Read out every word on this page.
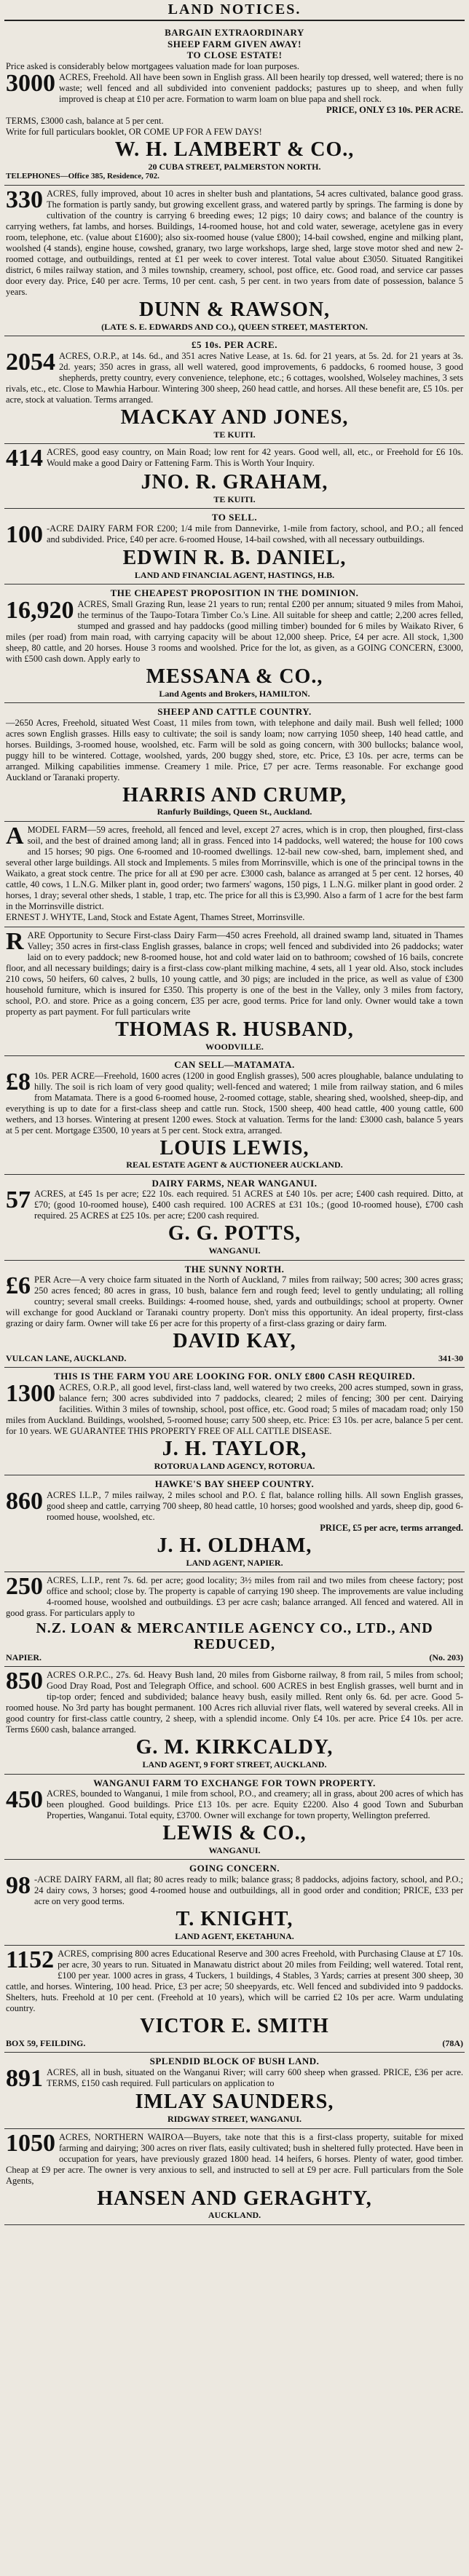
LAND NOTICES.
BARGAIN EXTRAORDINARY
SHEEP FARM GIVEN AWAY!
TO CLOSE ESTATE!
Price asked is considerably below mortgagees valuation made for loan purposes.
3000 ACRES, Freehold. All have been sown in English grass. All been hearily top dressed, well watered; there is no waste; well fenced and all subdivided into convenient paddocks; pastures up to sheep, and when fully improved is cheap at £10 per acre. Formation to warm loam on blue papa and shell rock.
PRICE, ONLY £3 10s. PER ACRE.
TERMS, £3000 cash, balance at 5 per cent.
Write for full particulars booklet, OR COME UP FOR A FEW DAYS!
W. H. LAMBERT & CO.,
20 CUBA STREET, PALMERSTON NORTH.
TELEPHONES—Office 385, Residence, 702.
330 ACRES, fully improved, about 10 acres in shelter bush and plantations, 54 acres cultivated, balance good grass. The formation is partly sandy, but growing excellent grass, and watered partly by springs. The farming is done by cultivation of the country is carrying 6 breeding ewes; 12 pigs; 10 dairy cows; and balance of the country is carrying wethers, fat lambs, and horses. Buildings, 14-roomed house, hot and cold water, sewerage, acetylene gas in every room, telephone, etc. (value about £1600); also six-roomed house (value £800); 14-bail cowshed, engine and milking plant, woolshed (4 stands), engine house, cowshed, granary, two large workshops, large shed, large stove motor shed and new 2-roomed cottage, and outbuildings, rented at £1 per week to cover interest. Total value about £3050. Situated Rangitikei district, 6 miles railway station, and 3 miles township, creamery, school, post office, etc. Good road, and service car passes door every day. Price, £40 per acre. Terms, 10 per cent. cash, 5 per cent. in two years from date of possession, balance 5 years.
DUNN & RAWSON,
(LATE S. E. EDWARDS AND CO.), QUEEN STREET, MASTERTON.
£5 10s. PER ACRE.
2054 ACRES, O.R.P., at 14s. 6d., and 351 acres Native Lease, at 1s. 6d. for 21 years, at 5s. 2d. for 21 years at 3s. 2d. years; 350 acres in grass, all well watered, good improvements, 6 paddocks, 6 roomed house, 3 good shepherds, pretty country, every convenience, telephone, etc.; 6 cottages, woolshed, Wolseley machines, 3 sets rivals, etc., etc. Close to Mawhia Harbour. Wintering 300 sheep, 260 head cattle, and horses. All these benefit are, £5 10s. per acre, stock at valuation. Terms arranged.
MACKAY AND JONES,
TE KUITI.
414 ACRES, good easy country, on Main Road; low rent for 42 years. Good well, all, etc., or Freehold for £6 10s. Would make a good Dairy or Fattening Farm. This is Worth Your Inquiry.
JNO. R. GRAHAM,
TE KUITI.
TO SELL.
100 -ACRE DAIRY FARM FOR £200; 1/4 mile from Dannevirke, 1-mile from factory, school, and P.O.; all fenced and subdivided. Price, £40 per acre. 6-roomed House, 14-bail cowshed, with all necessary outbuildings.
EDWIN R. B. DANIEL,
LAND AND FINANCIAL AGENT, HASTINGS, H.B.
THE CHEAPEST PROPOSITION IN THE DOMINION.
16,920 ACRES, Small Grazing Run, lease 21 years to run; rental £200 per annum; situated 9 miles from Mahoi, the terminus of the Taupo-Totara Timber Co.'s Line. All suitable for sheep and cattle; 2,200 acres felled, stumped and grassed and hay paddocks (good milling timber) bounded for 6 miles by Waikato River, 6 miles (per road) from main road, with carrying capacity will be about 12,000 sheep. Price, £4 per acre. All stock, 1,300 sheep, 80 cattle, and 20 horses. House 3 rooms and woolshed. Price for the lot, as given, as a GOING CONCERN, £3000, with £500 cash down. Apply early to
MESSANA & CO.,
Land Agents and Brokers, HAMILTON.
SHEEP AND CATTLE COUNTRY.
—2650 Acres, Freehold, situated West Coast, 11 miles from town, with telephone and daily mail. Bush well felled; 1000 acres sown English grasses. Hills easy to cultivate; the soil is sandy loam; now carrying 1050 sheep, 140 head cattle, and horses. Buildings, 3-roomed house, woolshed, etc. Farm will be sold as going concern, with 300 bullocks; balance wool, puggy hill to be wintered. Cottage, woolshed, yards, 200 buggy shed, store, etc. Price, £3 10s. per acre, terms can be arranged. Milking capabilities immense. Creamery 1 mile. Price, £7 per acre. Terms reasonable. For exchange good Auckland or Taranaki property.
HARRIS AND CRUMP,
Ranfurly Buildings, Queen St., Auckland.
AMODEL FARM—59 acres, freehold, all fenced and level, except 27 acres, which is in crop, then ploughed, first-class soil, and the best of drained among land; all in grass. Fenced into 14 paddocks, well watered; the house for 100 cows and 15 horses; 90 pigs. One 6-roomed and 10-roomed dwellings. 12-bail new cow-shed, barn, implement shed, and several other large buildings. All stock and Implements. 5 miles from Morrinsville, which is one of the principal towns in the Waikato, a great stock centre. The price for all at £90 per acre. £3000 cash, balance as arranged at 5 per cent. 12 horses, 40 cattle, 40 cows, 1 L.N.G. Milker plant in, good order; two farmers' wagons, 150 pigs, 1 L.N.G. milker plant in good order. 2 horses, 1 dray; several other sheds, 1 stable, 1 trap, etc. The price for all this is £3,990. Also a farm of 1 acre for the best farm in the Morrinsville district.
ERNEST J. WHYTE, Land, Stock and Estate Agent, Thames Street, Morrinsville.
RARE Opportunity to Secure First-class Dairy Farm—450 acres Freehold, all drained swamp land, situated in Thames Valley; 350 acres in first-class English grasses, balance in crops; well fenced and subdivided into 26 paddocks; water laid on to every paddock; new 8-roomed house, hot and cold water laid on to bathroom; cowshed of 16 bails, concrete floor, and all necessary buildings; dairy is a first-class cow-plant milking machine, 4 sets, all 1 year old. Also, stock includes 210 cows, 50 heifers, 60 calves, 2 bulls, 10 young cattle, and 30 pigs; are included in the price, as well as value of £300 household furniture, which is insured for £350. This property is one of the best in the Valley, only 3 miles from factory, school, P.O. and store. Price as a going concern, £35 per acre, good terms. Price for land only. Owner would take a town property as part payment. For full particulars write
THOMAS R. HUSBAND,
WOODVILLE.
CAN SELL—MATAMATA.
£8 10s. PER ACRE—Freehold, 1600 acres (1200 in good English grasses), 500 acres ploughable, balance undulating to hilly. The soil is rich loam of very good quality; well-fenced and watered; 1 mile from railway station, and 6 miles from Matamata. There is a good 6-roomed house, 2-roomed cottage, stable, shearing shed, woolshed, sheep-dip, and everything is up to date for a first-class sheep and cattle run. Stock, 1500 sheep, 400 head cattle, 400 young cattle, 600 wethers, and 13 horses. Wintering at present 1200 ewes. Stock at valuation. Terms for the land: £3000 cash, balance 5 years at 5 per cent. Mortgage £3500, 10 years at 5 per cent. Stock extra, arranged.
LOUIS LEWIS,
REAL ESTATE AGENT & AUCTIONEER AUCKLAND.
DAIRY FARMS, NEAR WANGANUI.
57 ACRES, at £45 1s per acre; £22 10s. each required. 51 ACRES at £40 10s. per acre; £400 cash required. Ditto, at £70; (good 10-roomed house), £400 cash required. 100 ACRES at £31 10s.; (good 10-roomed house), £700 cash required. 25 ACRES at £25 10s. per acre; £200 cash required.
G. G. POTTS,
WANGANUI.
THE SUNNY NORTH.
£6 PER Acre—A very choice farm situated in the North of Auckland, 7 miles from railway; 500 acres; 300 acres grass; 250 acres fenced; 80 acres in grass, 10 bush, balance fern and rough feed; level to gently undulating; all rolling country; several small creeks. Buildings: 4-roomed house, shed, yards and outbuildings; school at property. Owner will exchange for good Auckland or Taranaki country property. Don't miss this opportunity. An ideal property, first-class grazing or dairy farm. Owner will take £6 per acre for this property of a first-class grazing or dairy farm.
DAVID KAY,
VULCAN LANE, AUCKLAND.	341-30
THIS IS THE FARM YOU ARE LOOKING FOR. ONLY £800 CASH REQUIRED.
1300 ACRES, O.R.P., all good level, first-class land, well watered by two creeks, 200 acres stumped, sown in grass, balance fern; 300 acres subdivided into 7 paddocks, cleared; 2 miles of fencing; 300 per cent. Dairying facilities. Within 3 miles of township, school, post office, etc. Good road; 5 miles of macadam road; only 150 miles from Auckland. Buildings, woolshed, 5-roomed house; carry 500 sheep, etc. Price: £3 10s. per acre, balance 5 per cent. for 10 years. WE GUARANTEE THIS PROPERTY FREE OF ALL CATTLE DISEASE.
J. H. TAYLOR,
ROTORUA LAND AGENCY, ROTORUA.
HAWKE'S BAY SHEEP COUNTRY.
860 ACRES I.L.P., 7 miles railway, 2 miles school and P.O. £ flat, balance rolling hills. All sown English grasses, good sheep and cattle, carrying 700 sheep, 80 head cattle, 10 horses; good woolshed and yards, sheep dip, good 6-roomed house, woolshed, etc.
PRICE, £5 per acre, terms arranged.
J. H. OLDHAM,
LAND AGENT, NAPIER.
250 ACRES, L.I.P., rent 7s. 6d. per acre; good locality; 3½ miles from rail and two miles from cheese factory; post office and school; close by. The property is capable of carrying 190 sheep. The improvements are value including 4-roomed house, woolshed and outbuildings. £3 per acre cash; balance arranged. All fenced and watered. All in good grass. For particulars apply to
N.Z. LOAN & MERCANTILE AGENCY CO., LTD., AND REDUCED,
NAPIER.	(No. 203)
850 ACRES O.R.P.C., 27s. 6d. Heavy Bush land, 20 miles from Gisborne railway, 8 from rail, 5 miles from school; Good Dray Road, Post and Telegraph Office, and school. 600 ACRES in best English grasses, well burnt and in tip-top order; fenced and subdivided; balance heavy bush, easily milled. Rent only 6s. 6d. per acre. Good 5-roomed house. No 3rd party has bought permanent. 100 Acres rich alluvial river flats, well watered by several creeks. All in good country for first-class cattle country, 2 sheep, with a splendid income. Only £4 10s. per acre. Price £4 10s. per acre. Terms £600 cash, balance arranged.
G. M. KIRKCALDY,
LAND AGENT, 9 FORT STREET, AUCKLAND.
WANGANUI FARM TO EXCHANGE FOR TOWN PROPERTY.
450 ACRES, bounded to Wanganui, 1 mile from school, P.O., and creamery; all in grass, about 200 acres of which has been ploughed. Good buildings. Price £13 10s. per acre. Equity £2200. Also 4 good Town and Suburban Properties, Wanganui. Total equity, £3700. Owner will exchange for town property, Wellington preferred.
LEWIS & CO.,
WANGANUI.
GOING CONCERN.
98 -ACRE DAIRY FARM, all flat; 80 acres ready to milk; balance grass; 8 paddocks, adjoins factory, school, and P.O.; 24 dairy cows, 3 horses; good 4-roomed house and outbuildings, all in good order and condition; PRICE, £33 per acre on very good terms.
T. KNIGHT,
LAND AGENT, EKETAHUNA.
1152 ACRES, comprising 800 acres Educational Reserve and 300 acres Freehold, with Purchasing Clause at £7 10s. per acre, 30 years to run. Situated in Manawatu district about 20 miles from Feilding; well watered. Total rent, £100 per year. 1000 acres in grass, 4 Tuckers, 1 buildings, 4 Stables, 3 Yards; carries at present 300 sheep, 30 cattle, and horses. Wintering, 100 head. Price, £3 per acre; 50 sheepyards, etc. Well fenced and subdivided into 9 paddocks. Shelters, huts. Freehold at 10 per cent. (Freehold at 10 years), which will be carried £2 10s per acre. Warm undulating country.
VICTOR E. SMITH
BOX 59, FEILDING.	(78A)
SPLENDID BLOCK OF BUSH LAND.
891 ACRES, all in bush, situated on the Wanganui River; will carry 600 sheep when grassed. PRICE, £36 per acre. TERMS, £150 cash required. Full particulars on application to
IMLAY SAUNDERS,
RIDGWAY STREET, WANGANUI.
1050 ACRES, NORTHERN WAIROA—Buyers, take note that this is a first-class property, suitable for mixed farming and dairying; 300 acres on river flats, easily cultivated; bush in sheltered fully protected. Have been in occupation for years, have previously grazed 1800 head. 14 heifers, 6 horses. Plenty of water, good timber. Cheap at £9 per acre. The owner is very anxious to sell, and instructed to sell at £9 per acre. Full particulars from the Sole Agents,
HANSEN AND GERAGHTY,
AUCKLAND.
